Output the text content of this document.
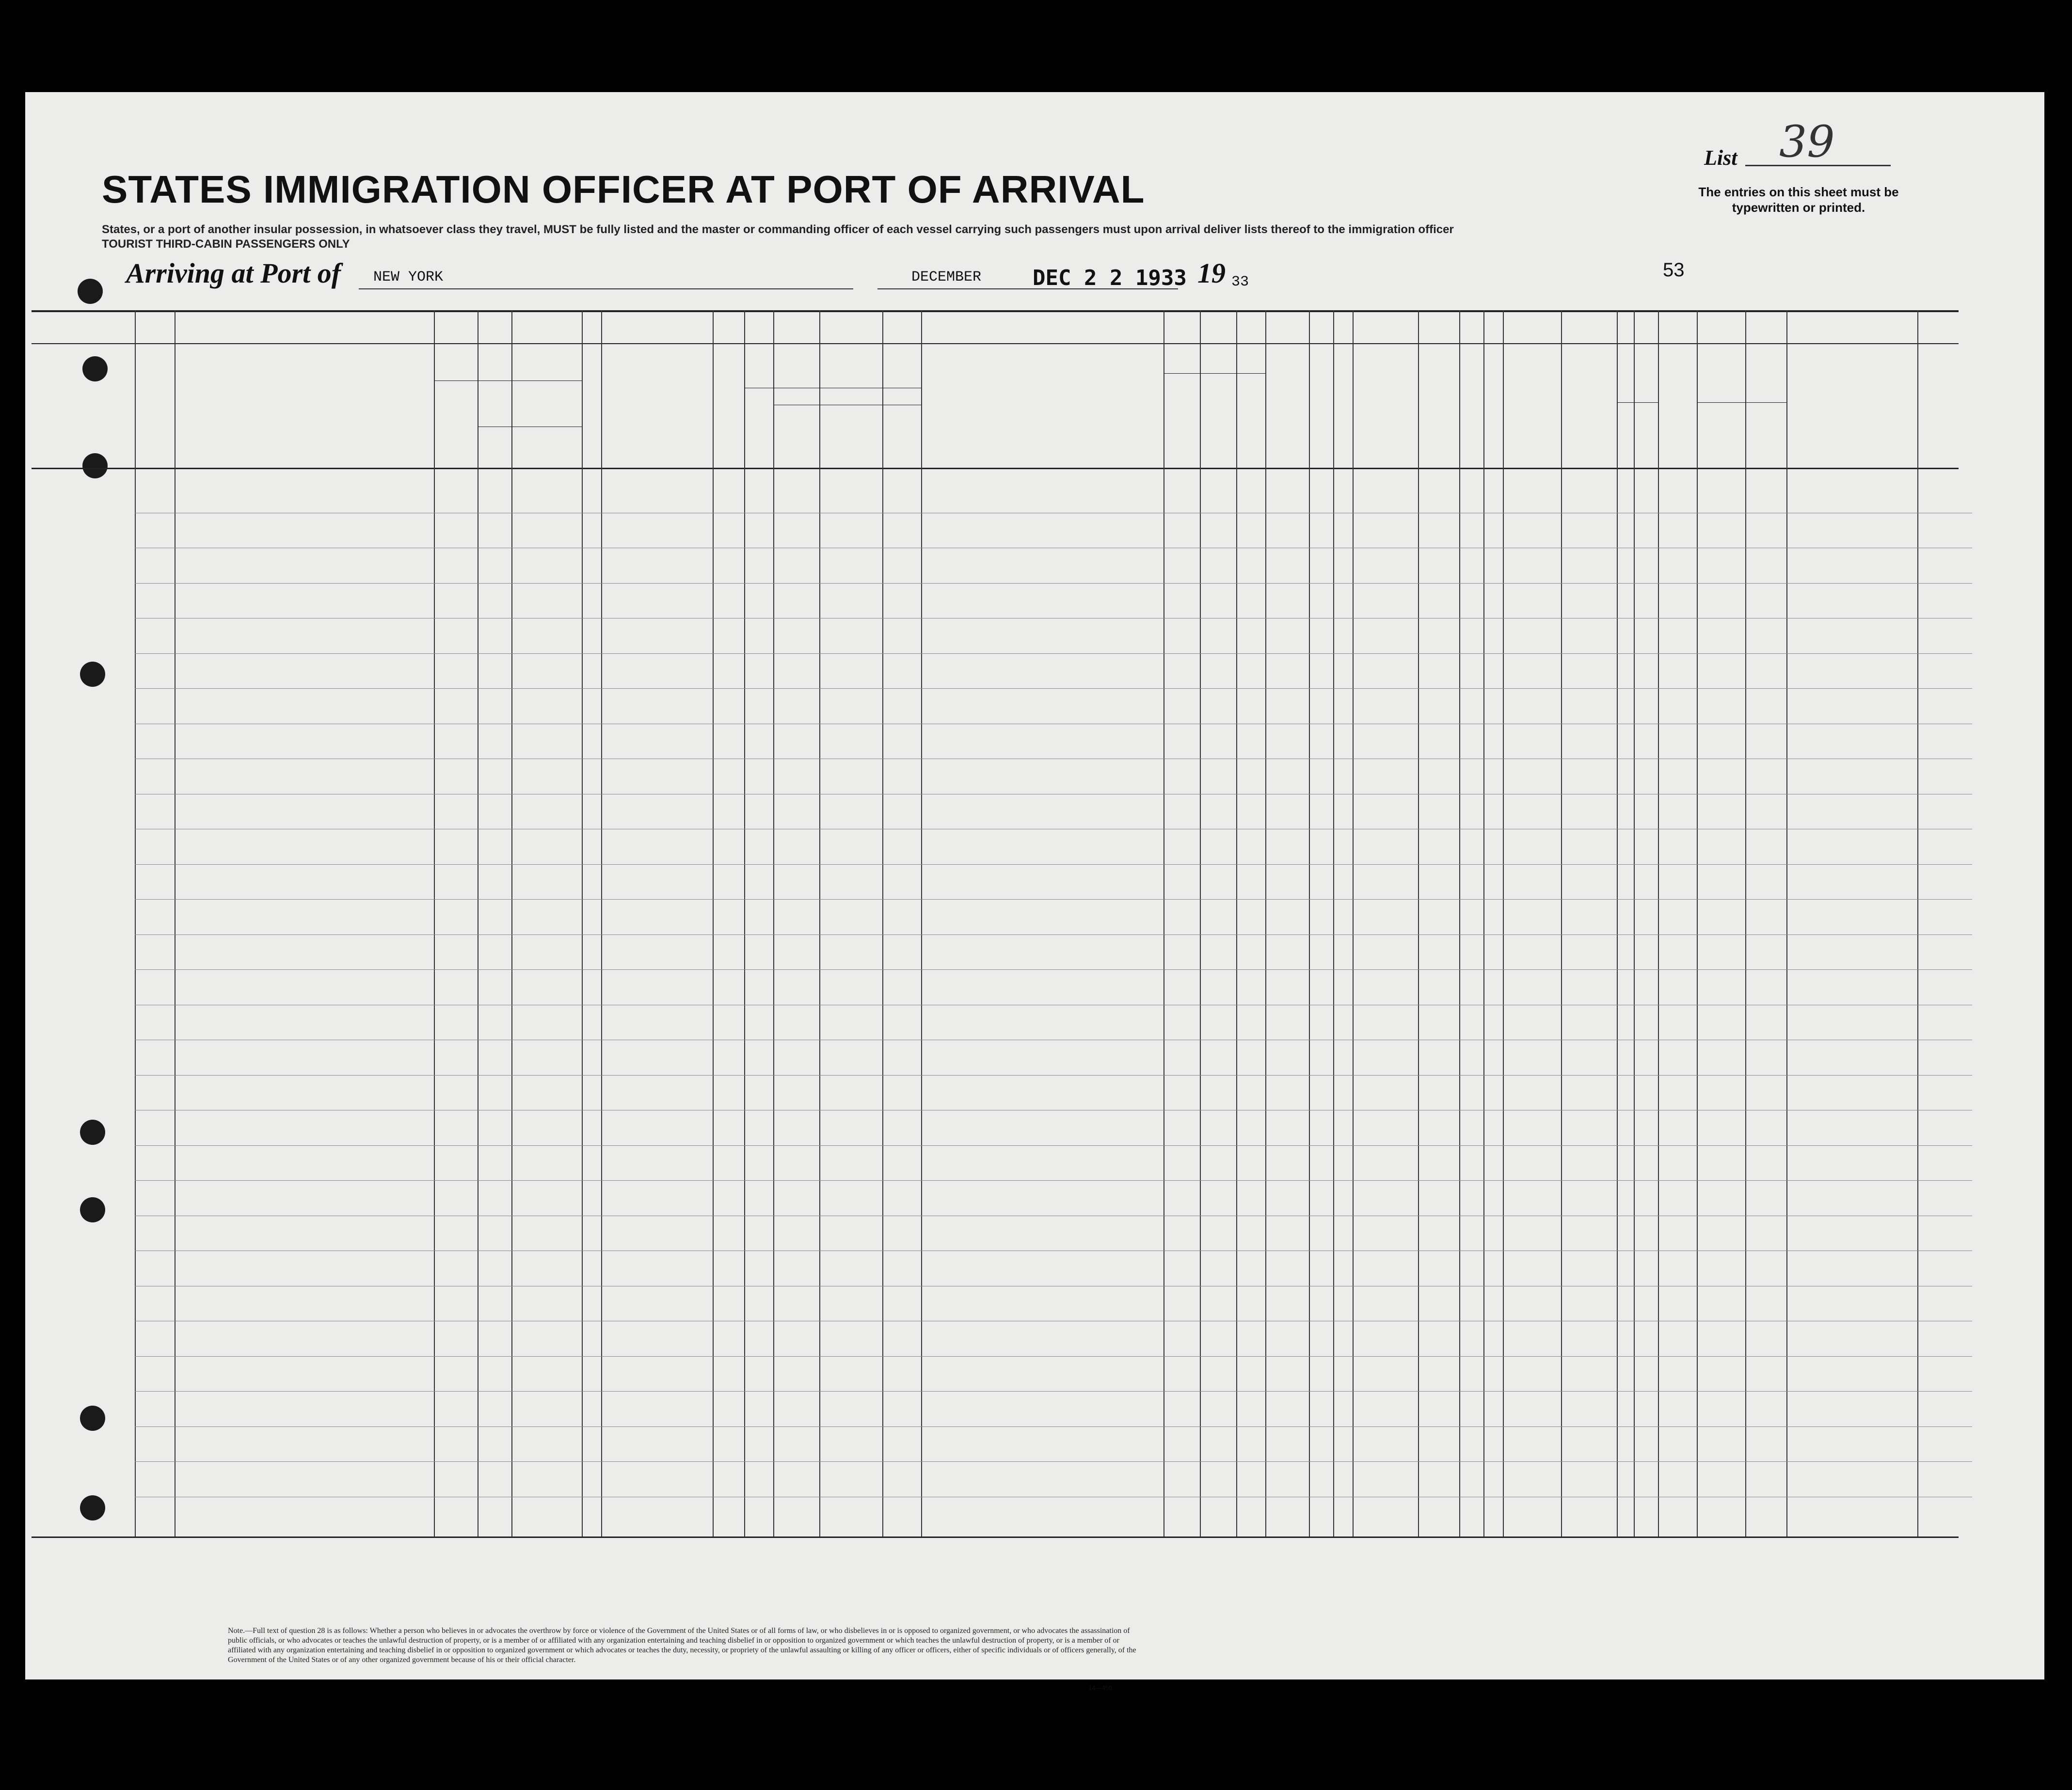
STATES IMMIGRATION OFFICER AT PORT OF ARRIVAL
States, or a port of another insular possession, in whatsoever class they travel, MUST be fully listed and the master or commanding officer of each vessel carrying such passengers must upon arrival deliver lists thereof to the immigration officer
TOURIST THIRD-CABIN PASSENGERS ONLY
List 39
The entries on this sheet must be typewritten or printed.
Arriving at Port of NEW YORK	DECEMBER DEC 2 2 1933 19 33
53
Note.—Full text of question 28 is as follows: Whether a person who believes in or advocates the overthrow by force or violence of the Government of the United States or of all forms of law, or who disbelieves in or is opposed to organized government, or who advocates the assassination of public officials, or who advocates or teaches the unlawful destruction of property, or is a member of or affiliated with any organization entertaining and teaching disbelief in or opposition to organized government or which teaches the unlawful destruction of property, or is a member of or affiliated with any organization entertaining and teaching disbelief in or opposition to organized government or which advocates or teaches the duty, necessity, or propriety of the unlawful assaulting or killing of any officer or officers, either of specific individuals or of officers generally, of the Government of the United States or of any other organized government because of his or their official character.
14—450
